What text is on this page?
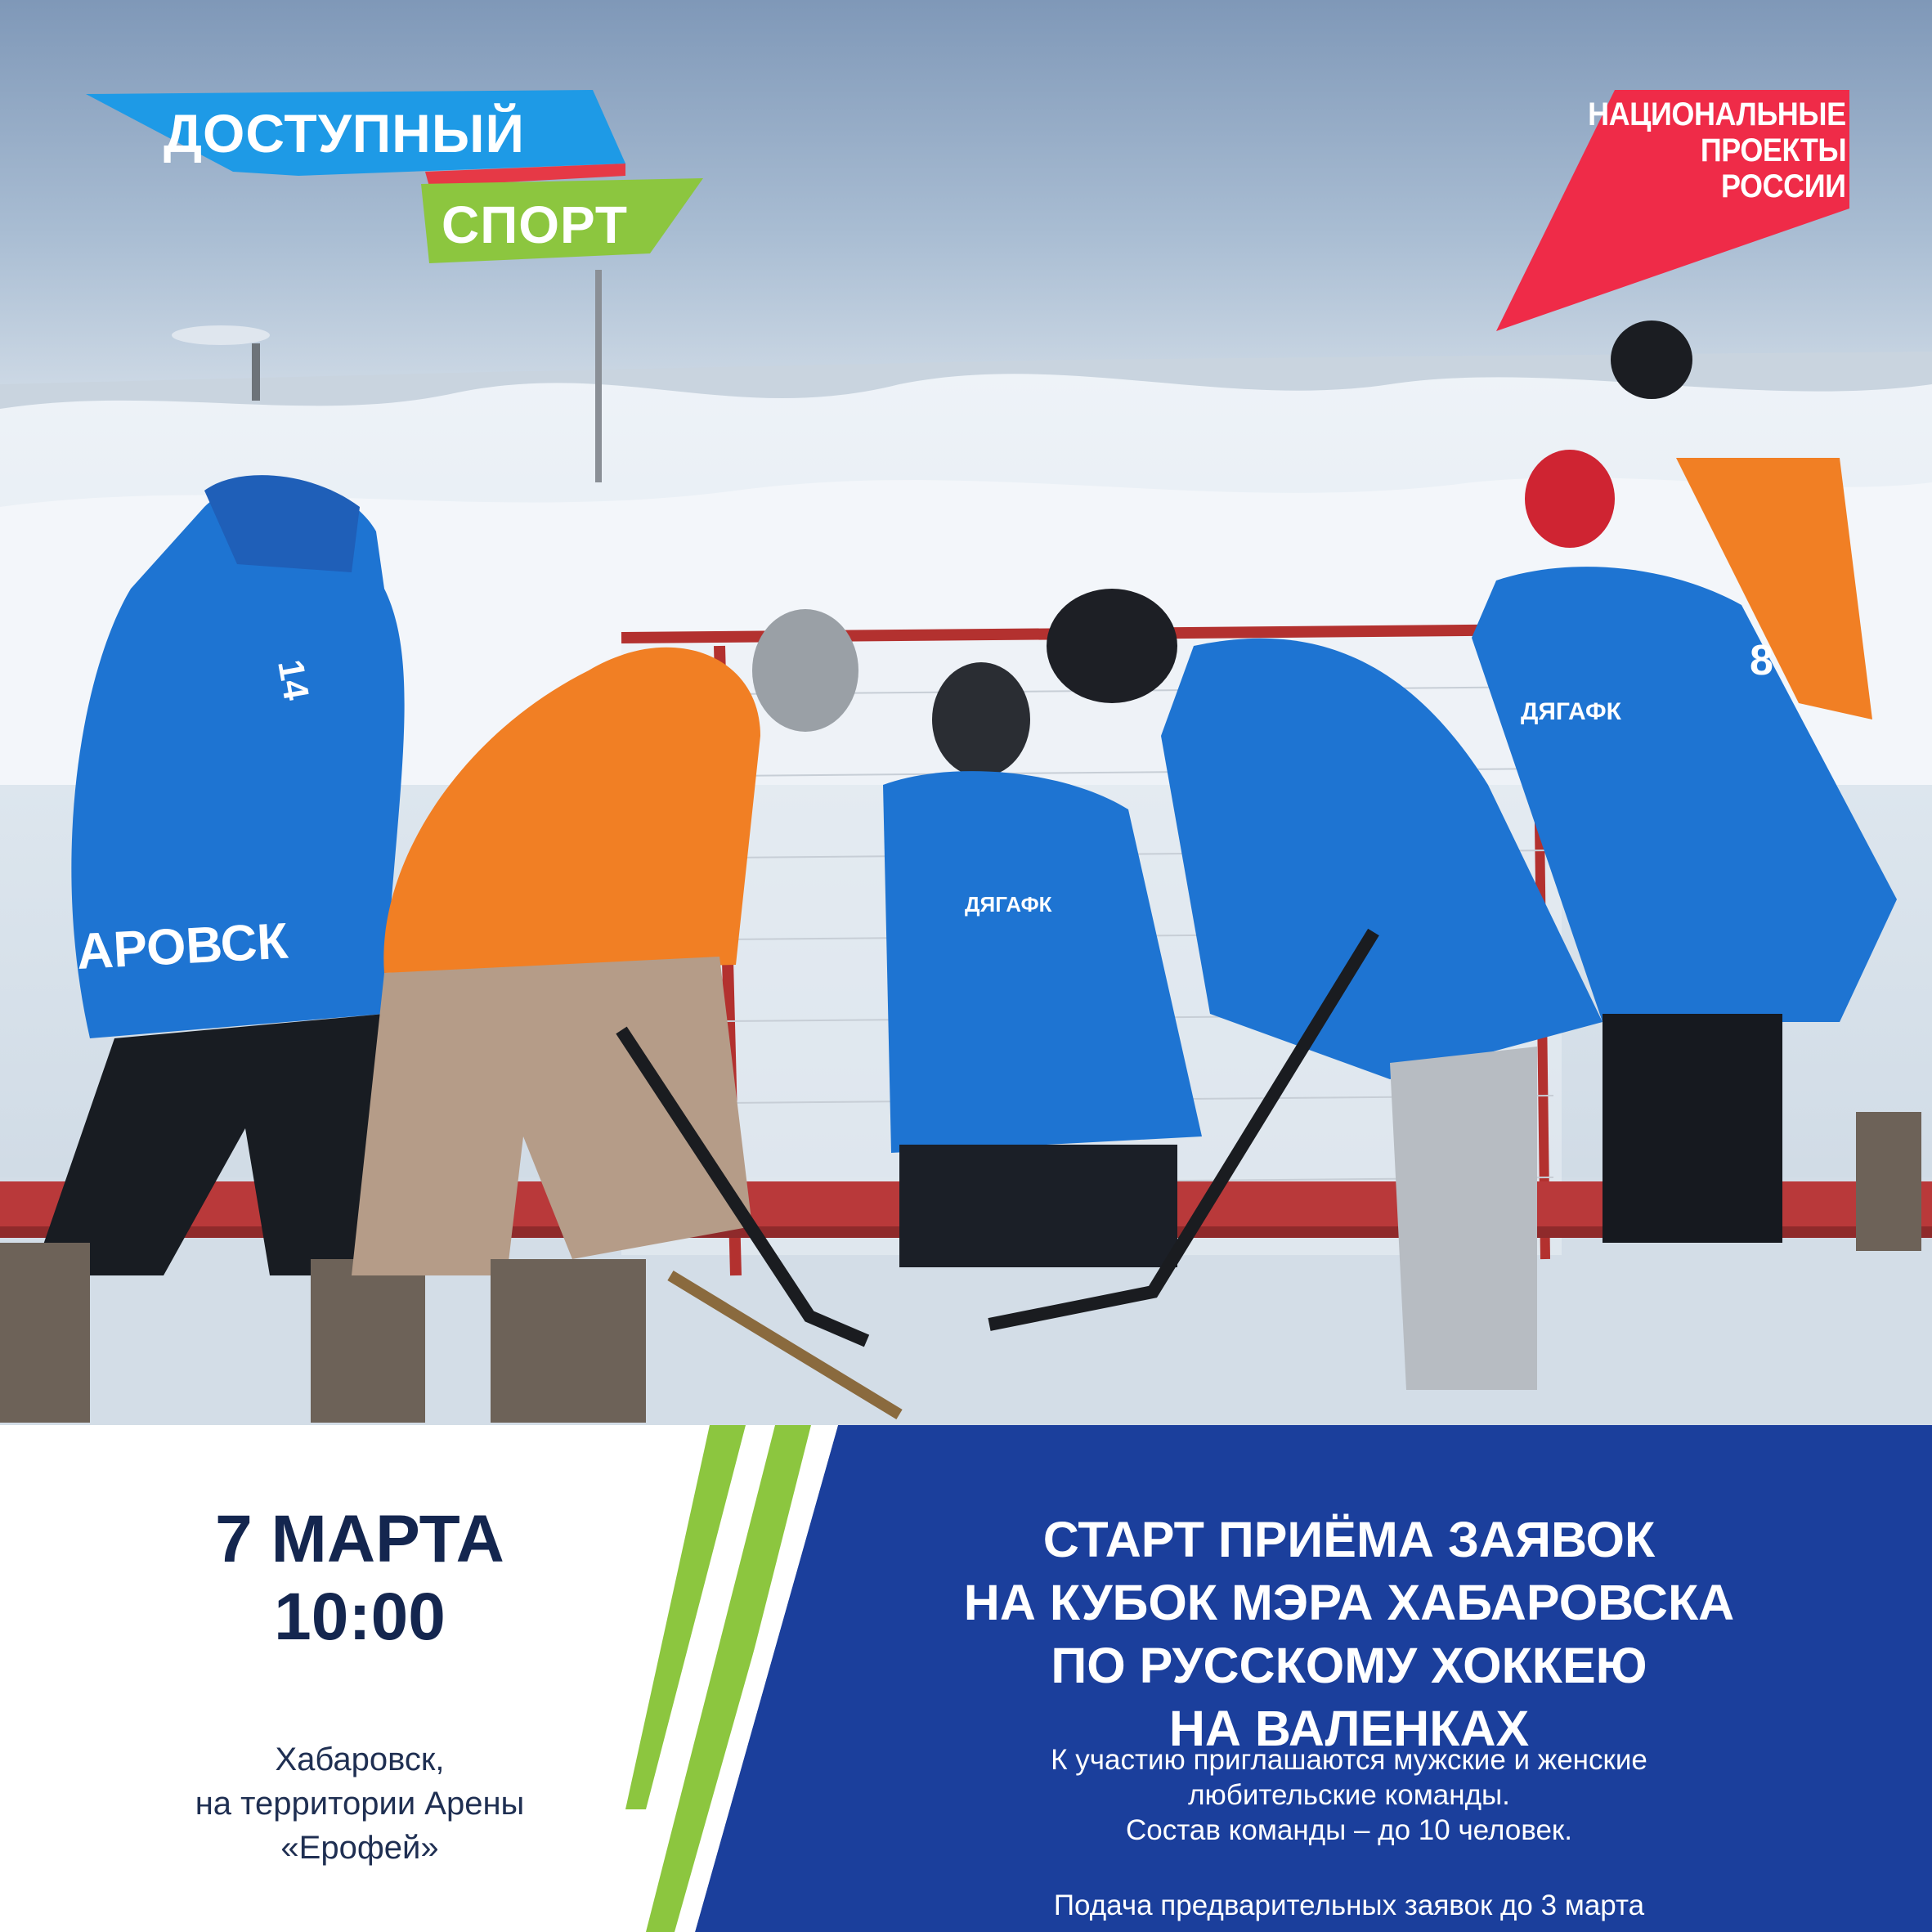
АРОВСК
14	8
ДЯГАФК
ДЯГАФК
ДОСТУПНЫЙ
СПОРТ
НАЦИОНАЛЬНЫЕ
ПРОЕКТЫ
РОССИИ
7 МАРТА
10:00
Хабаровск,
на территории Арены
«Ерофей»
СТАРТ ПРИЁМА ЗАЯВОК
НА КУБОК МЭРА ХАБАРОВСКА
ПО РУССКОМУ ХОККЕЮ
НА ВАЛЕНКАХ
К участию приглашаются мужские и женские
любительские команды.
Состав команды – до 10 человек.
Подача предварительных заявок до 3 марта
